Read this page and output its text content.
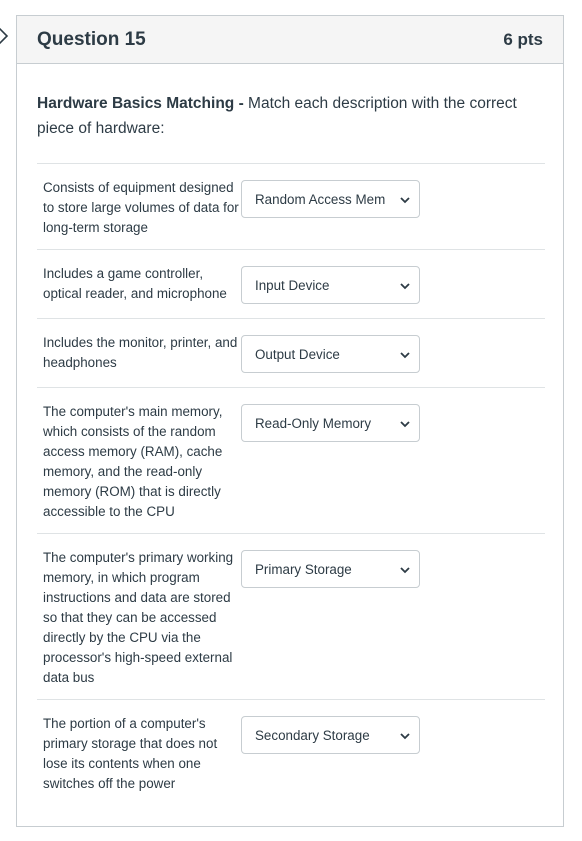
Question 15	6 pts
Hardware Basics Matching - Match each description with the correct piece of hardware:
Consists of equipment designed to store large volumes of data for long-term storage
Random Access Mem
Includes a game controller, optical reader, and microphone
Input Device
Includes the monitor, printer, and headphones
Output Device
The computer's main memory, which consists of the random access memory (RAM), cache memory, and the read-only memory (ROM) that is directly accessible to the CPU
Read-Only Memory
The computer's primary working memory, in which program instructions and data are stored so that they can be accessed directly by the CPU via the processor's high-speed external data bus
Primary Storage
The portion of a computer's primary storage that does not lose its contents when one switches off the power
Secondary Storage
